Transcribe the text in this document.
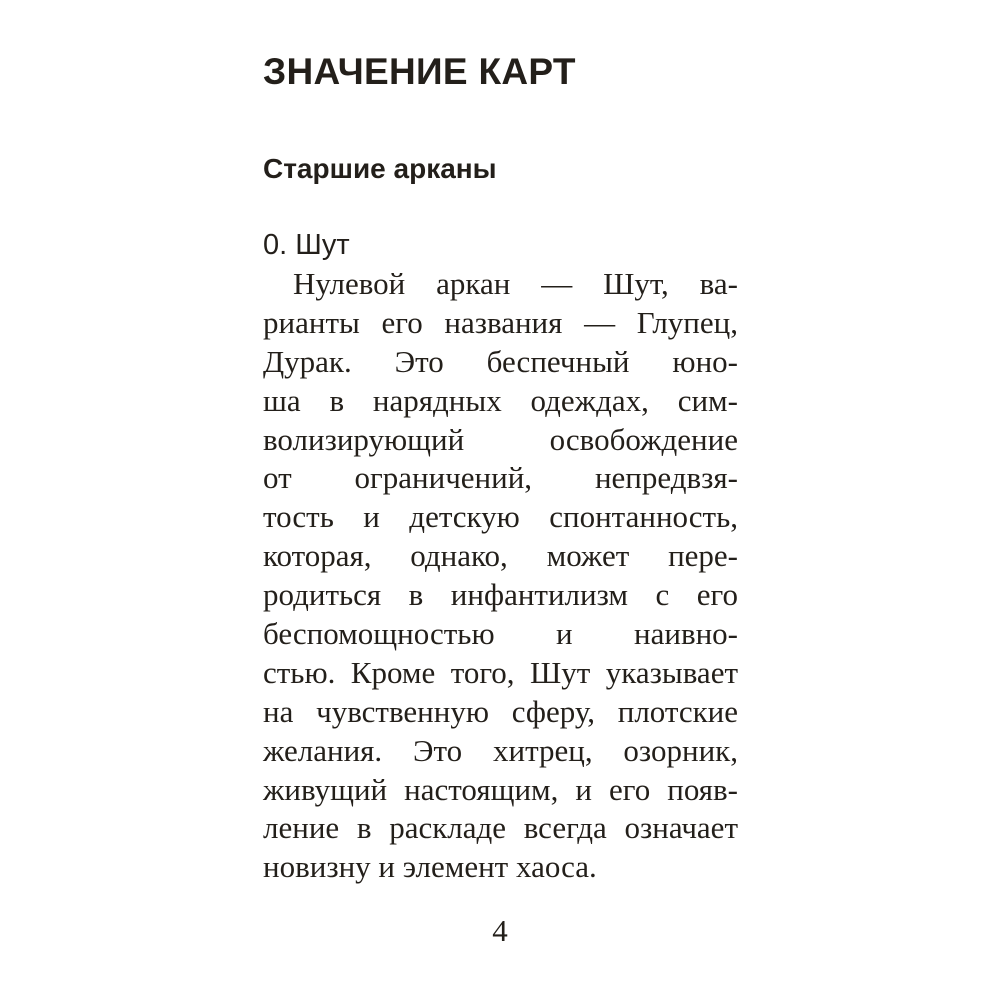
ЗНАЧЕНИЕ КАРТ
Старшие арканы
0. Шут
Нулевой аркан — Шут, ва-
рианты его названия — Глупец,
Дурак. Это беспечный юно-
ша в нарядных одеждах, сим-
волизирующий освобождение
от ограничений, непредвзя-
тость и детскую спонтанность,
которая, однако, может пере-
родиться в инфантилизм с его
беспомощностью и наивно-
стью. Кроме того, Шут указывает
на чувственную сферу, плотские
желания. Это хитрец, озорник,
живущий настоящим, и его появ-
ление в раскладе всегда означает
новизну и элемент хаоса.
4
